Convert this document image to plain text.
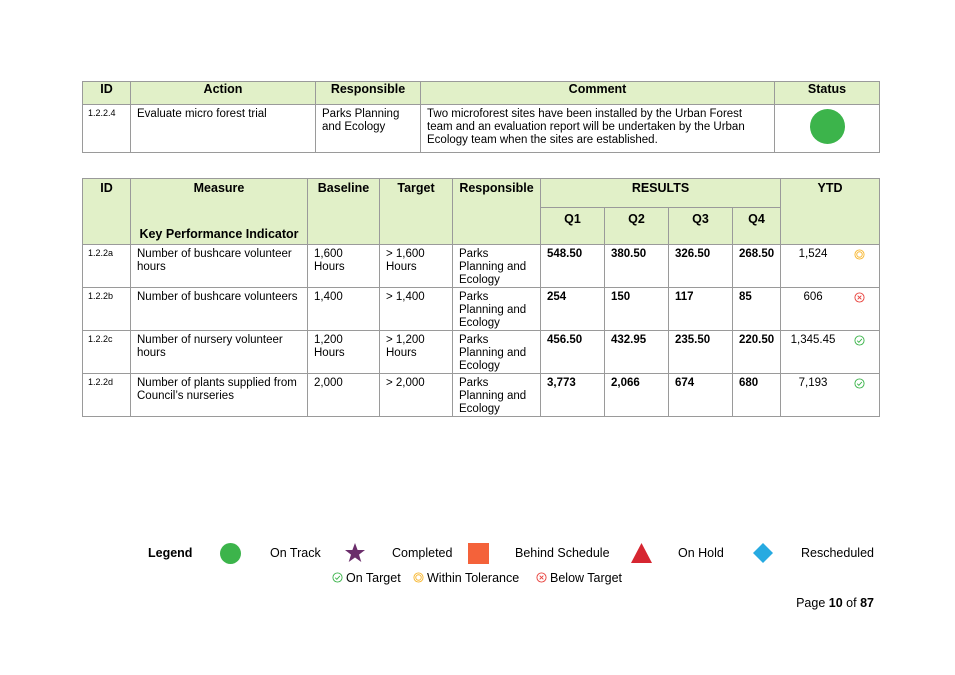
ID	Action	Responsible	Comment	Status
1.2.2.4	Evaluate micro forest trial	Parks Planning and Ecology	Two microforest sites have been installed by the Urban Forest team and an evaluation report will be undertaken by the Urban Ecology team when the sites are established.	
ID	Measure	Baseline	Target	Responsible	RESULTS				YTD
	Key Performance Indicator				Q1	Q2	Q3	Q4	
1.2.2a	Number of bushcare volunteer hours	1,600 Hours	> 1,600 Hours	Parks Planning and Ecology	548.50	380.50	326.50	268.50	1,524

1.2.2b	Number of bushcare volunteers	1,400	> 1,400	Parks Planning and Ecology	254	150	117	85	606

1.2.2c	Number of nursery volunteer hours	1,200 Hours	> 1,200 Hours	Parks Planning and Ecology	456.50	432.95	235.50	220.50	1,345.45

1.2.2d	Number of plants supplied from Council’s nurseries	2,000	> 2,000	Parks Planning and Ecology	3,773	2,066	674	680	7,193
Legend	On Track	Completed	Behind Schedule	On Hold	Rescheduled
On Target Within Tolerance Below Target
Page 10 of 87
